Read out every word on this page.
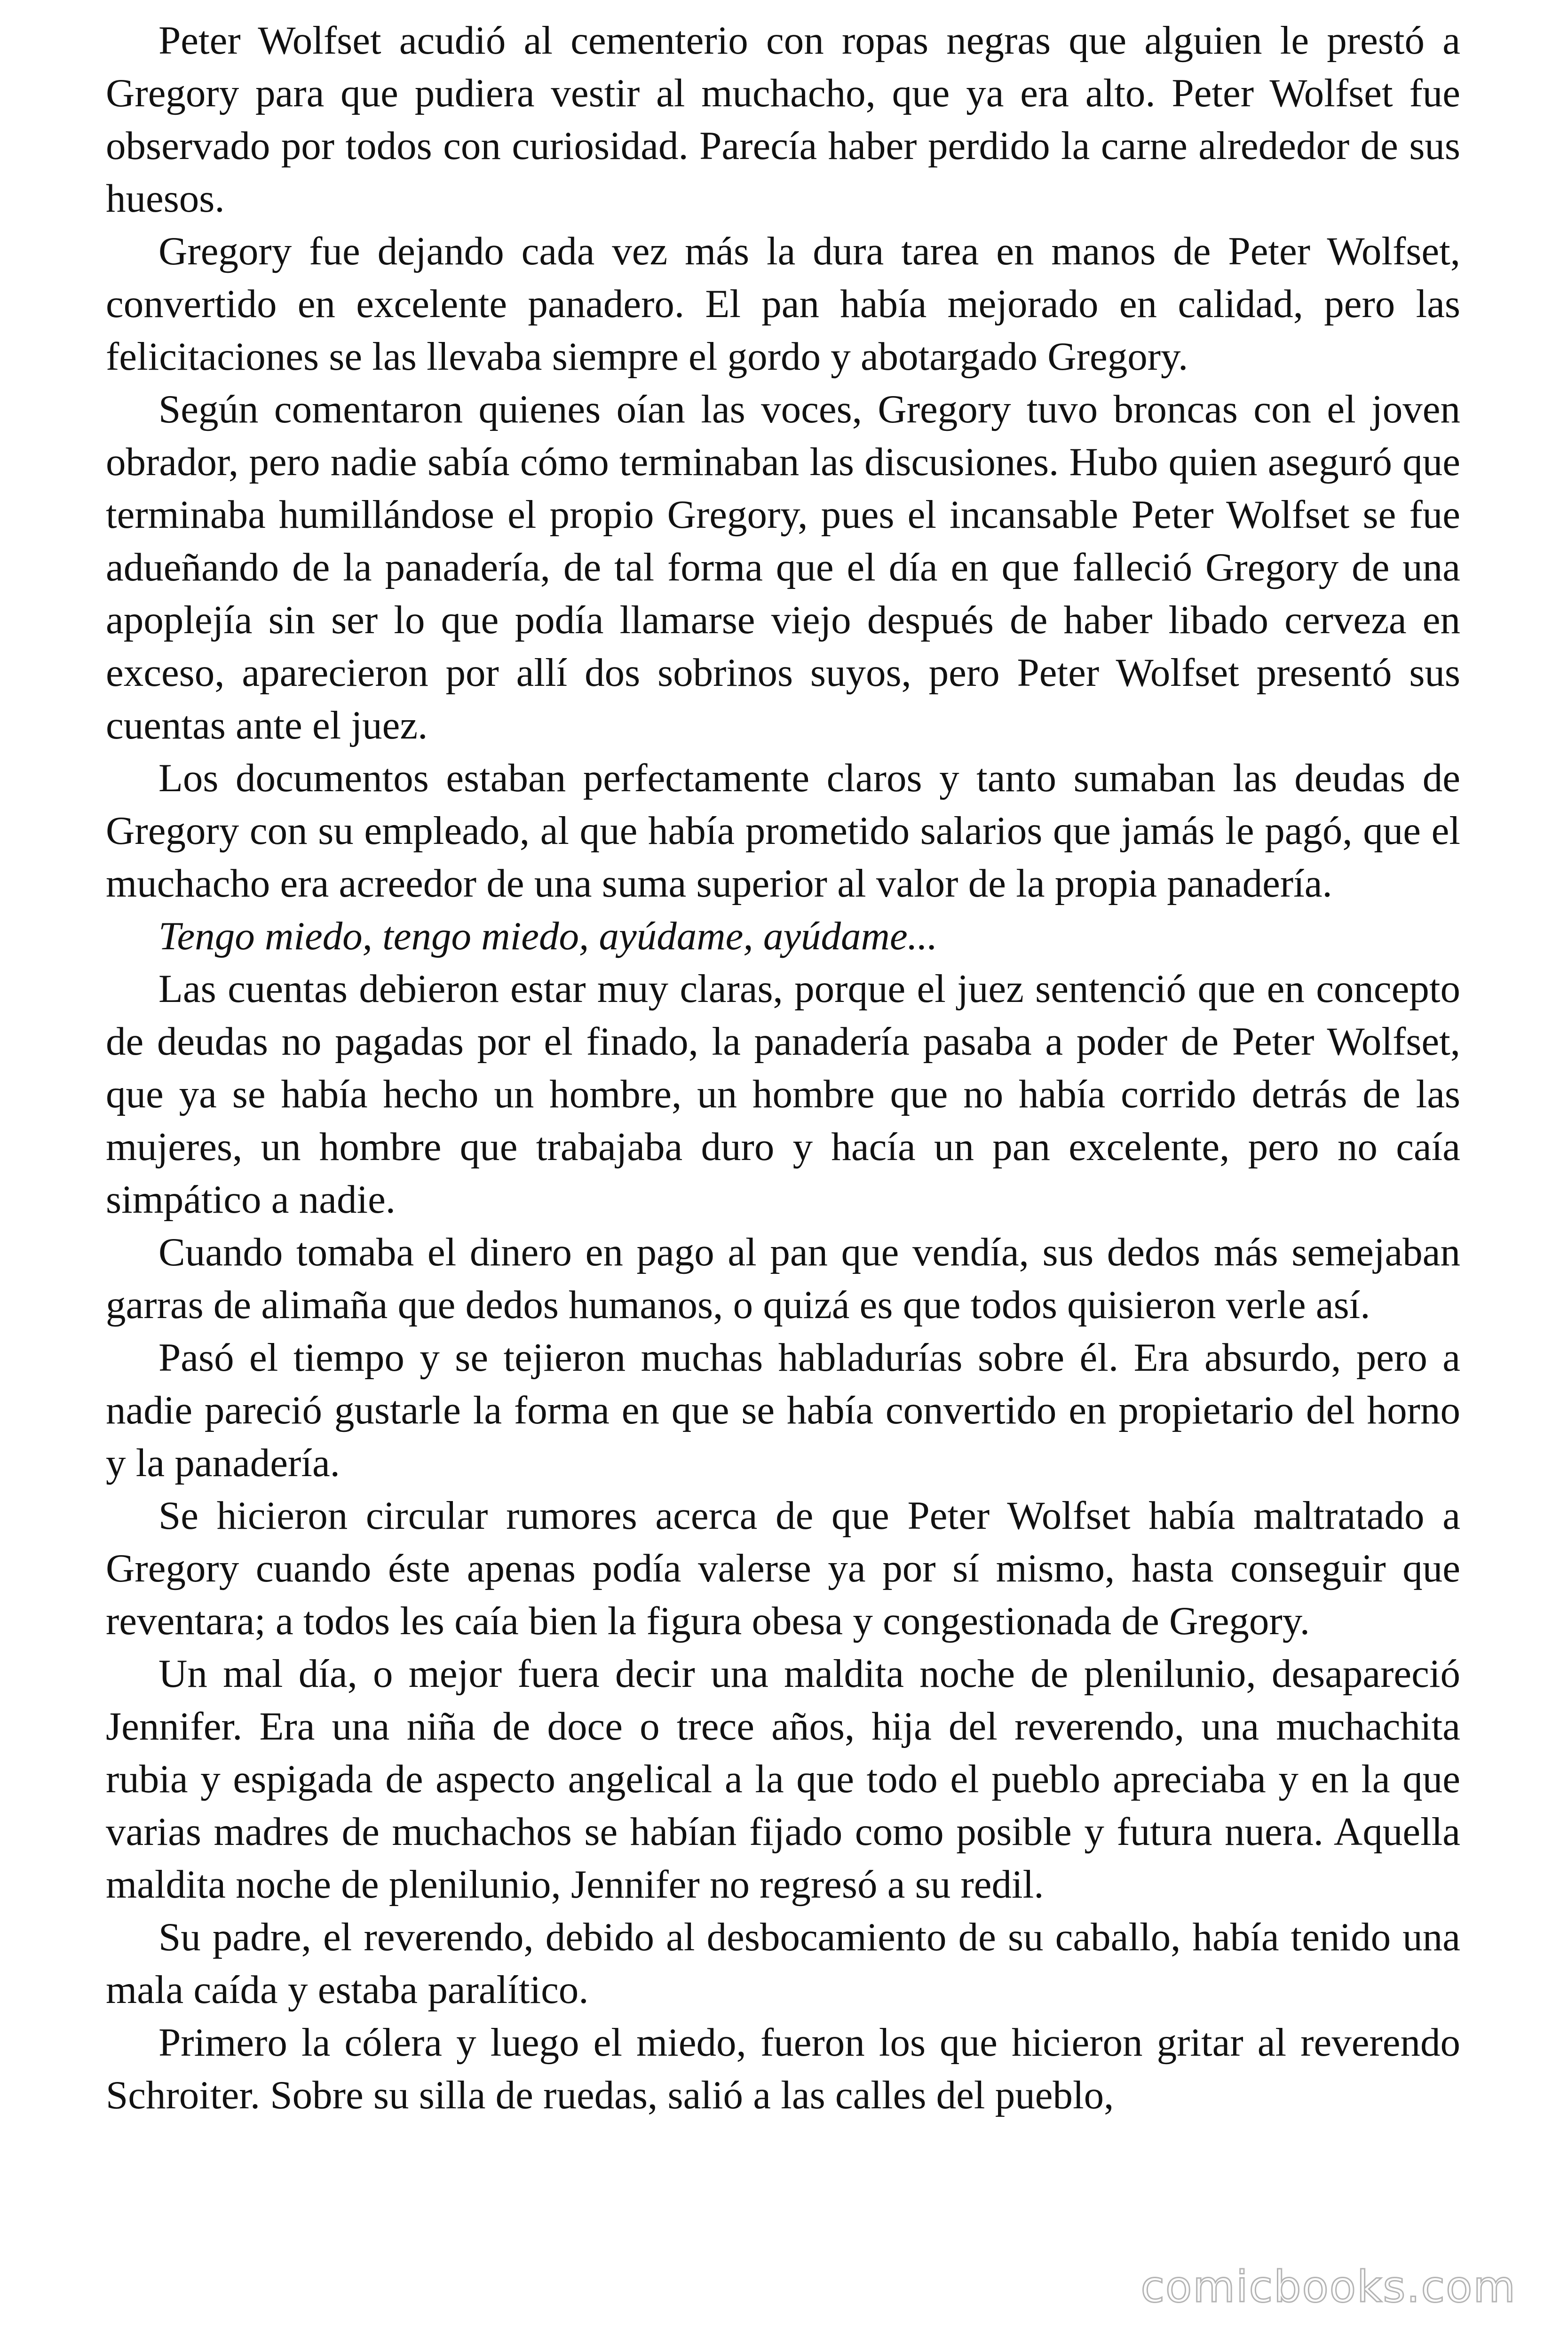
Peter Wolfset acudió al cementerio con ropas negras que alguien le prestó a Gregory para que pudiera vestir al muchacho, que ya era alto. Peter Wolfset fue observado por todos con curiosidad. Parecía haber perdido la carne alrededor de sus huesos.

Gregory fue dejando cada vez más la dura tarea en manos de Peter Wolfset, convertido en excelente panadero. El pan había mejorado en calidad, pero las felicitaciones se las llevaba siempre el gordo y abotargado Gregory.

Según comentaron quienes oían las voces, Gregory tuvo broncas con el joven obrador, pero nadie sabía cómo terminaban las discusiones. Hubo quien aseguró que terminaba humillándose el propio Gregory, pues el incansable Peter Wolfset se fue adueñando de la panadería, de tal forma que el día en que falleció Gregory de una apoplejía sin ser lo que podía llamarse viejo después de haber libado cerveza en exceso, aparecieron por allí dos sobrinos suyos, pero Peter Wolfset presentó sus cuentas ante el juez.

Los documentos estaban perfectamente claros y tanto sumaban las deudas de Gregory con su empleado, al que había prometido salarios que jamás le pagó, que el muchacho era acreedor de una suma superior al valor de la propia panadería.

Tengo miedo, tengo miedo, ayúdame, ayúdame...

Las cuentas debieron estar muy claras, porque el juez sentenció que en concepto de deudas no pagadas por el finado, la panadería pasaba a poder de Peter Wolfset, que ya se había hecho un hombre, un hombre que no había corrido detrás de las mujeres, un hombre que trabajaba duro y hacía un pan excelente, pero no caía simpático a nadie.

Cuando tomaba el dinero en pago al pan que vendía, sus dedos más semejaban garras de alimaña que dedos humanos, o quizá es que todos quisieron verle así.

Pasó el tiempo y se tejieron muchas habladurías sobre él. Era absurdo, pero a nadie pareció gustarle la forma en que se había convertido en propietario del horno y la panadería.

Se hicieron circular rumores acerca de que Peter Wolfset había maltratado a Gregory cuando éste apenas podía valerse ya por sí mismo, hasta conseguir que reventara; a todos les caía bien la figura obesa y congestionada de Gregory.

Un mal día, o mejor fuera decir una maldita noche de plenilunio, desapareció Jennifer. Era una niña de doce o trece años, hija del reverendo, una muchachita rubia y espigada de aspecto angelical a la que todo el pueblo apreciaba y en la que varias madres de muchachos se habían fijado como posible y futura nuera. Aquella maldita noche de plenilunio, Jennifer no regresó a su redil.

Su padre, el reverendo, debido al desbocamiento de su caballo, había tenido una mala caída y estaba paralítico.

Primero la cólera y luego el miedo, fueron los que hicieron gritar al reverendo Schroiter. Sobre su silla de ruedas, salió a las calles del pueblo,

comicbooks.com
